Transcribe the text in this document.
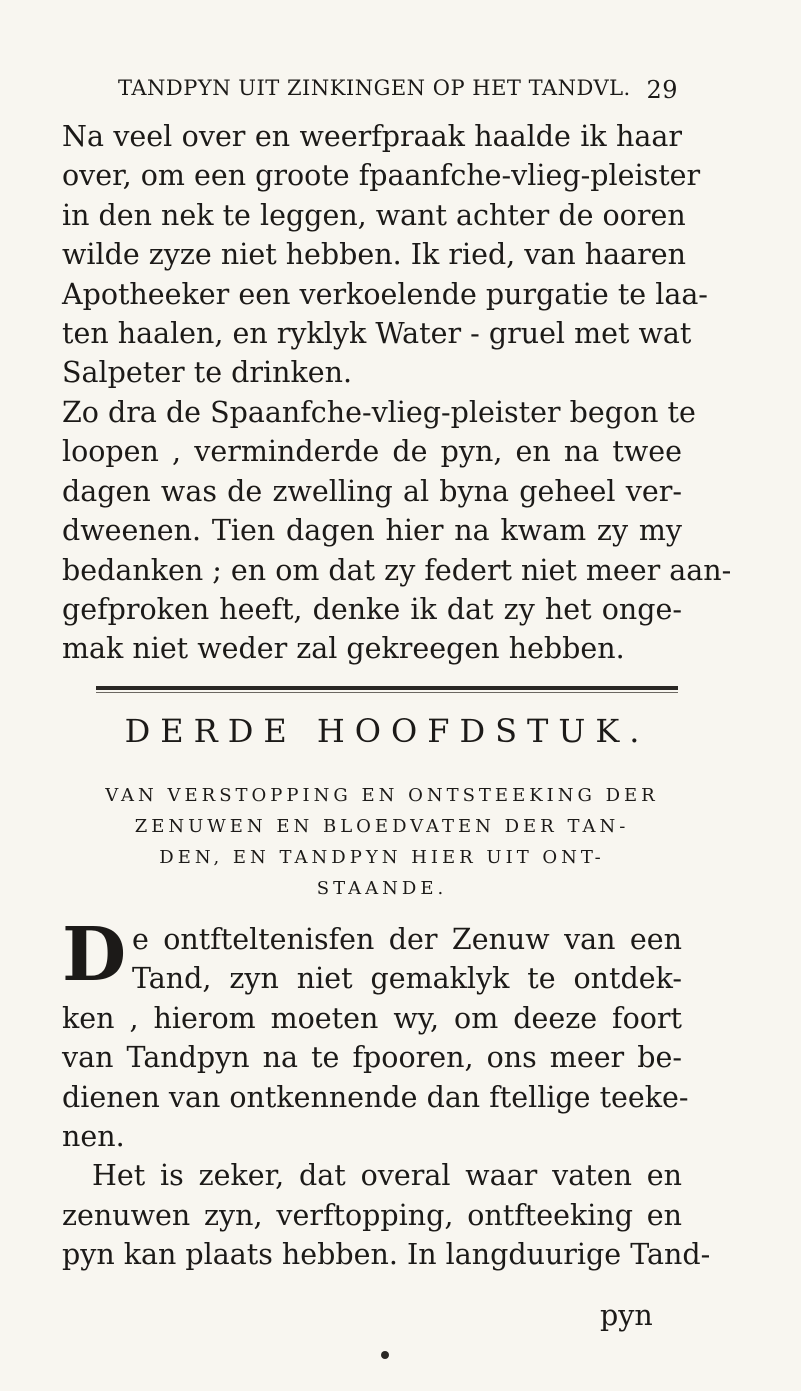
TANDPYN UIT ZINKINGEN OP HET TANDVL. 29
Na veel over en weerfpraak haalde ik haar
over, om een groote fpaanfche-vlieg-pleister
in den nek te leggen, want achter de ooren
wilde zyze niet hebben. Ik ried, van haaren
Apotheeker een verkoelende purgatie te laa-
ten haalen, en ryklyk Water - gruel met wat
Salpeter te drinken.
Zo dra de Spaanfche-vlieg-pleister begon te
loopen , verminderde de pyn, en na twee
dagen was de zwelling al byna geheel ver-
dweenen. Tien dagen hier na kwam zy my
bedanken ; en om dat zy federt niet meer aan-
gefproken heeft, denke ik dat zy het onge-
mak niet weder zal gekreegen hebben.
DERDE HOOFDSTUK.
VAN VERSTOPPING EN ONTSTEEKING DER
ZENUWEN EN BLOEDVATEN DER TAN-
DEN, EN TANDPYN HIER UIT ONT-
STAANDE.
D e ontfteltenisfen der Zenuw van een
Tand, zyn niet gemaklyk te ontdek-
ken , hierom moeten wy, om deeze foort
van Tandpyn na te fpooren, ons meer be-
dienen van ontkennende dan ftellige teeke-
nen.
Het is zeker, dat overal waar vaten en
zenuwen zyn, verftopping, ontfteeking en
pyn kan plaats hebben. In langduurige Tand-
pyn
